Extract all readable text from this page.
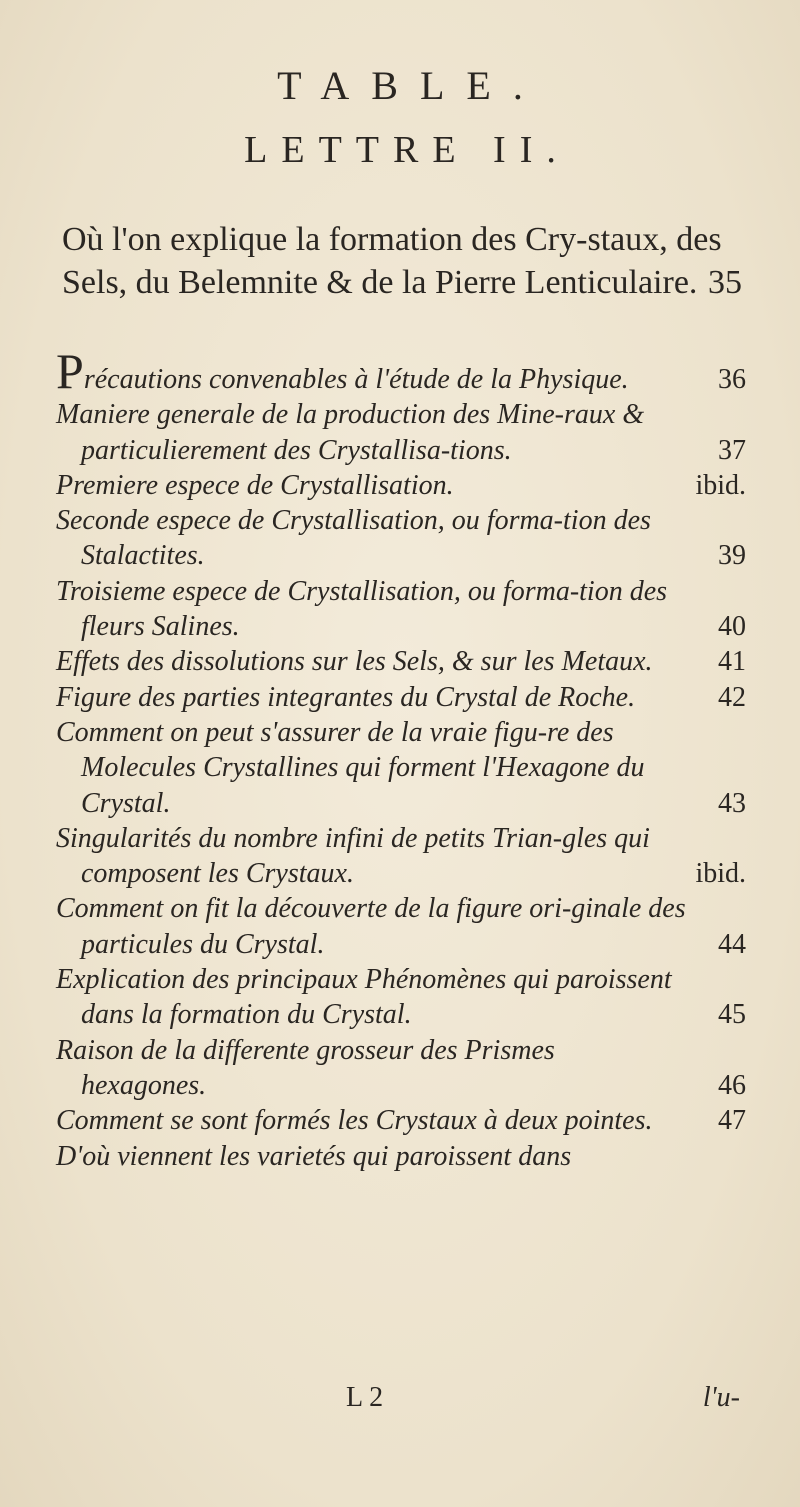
TABLE.
LETTRE II.
Où l'on explique la formation des Cry-staux, des Sels, du Belemnite & de la Pierre Lenticulaire. 35
Précautions convenables à l'étude de la Physique.	36
Maniere generale de la production des Mine-raux & particulierement des Crystallisa-tions.	37
Premiere espece de Crystallisation.	ibid.
Seconde espece de Crystallisation, ou forma-tion des Stalactites.	39
Troisieme espece de Crystallisation, ou forma-tion des fleurs Salines.	40
Effets des dissolutions sur les Sels, & sur les Metaux.	41
Figure des parties integrantes du Crystal de Roche.	42
Comment on peut s'assurer de la vraie figu-re des Molecules Crystallines qui forment l'Hexagone du Crystal.	43
Singularités du nombre infini de petits Trian-gles qui composent les Crystaux.	ibid.
Comment on fit la découverte de la figure ori-ginale des particules du Crystal.	44
Explication des principaux Phénomènes qui paroissent dans la formation du Crystal.	45
Raison de la differente grosseur des Prismes hexagones.	46
Comment se sont formés les Crystaux à deux pointes.	47
D'où viennent les varietés qui paroissent dans
L 2	l'u-
